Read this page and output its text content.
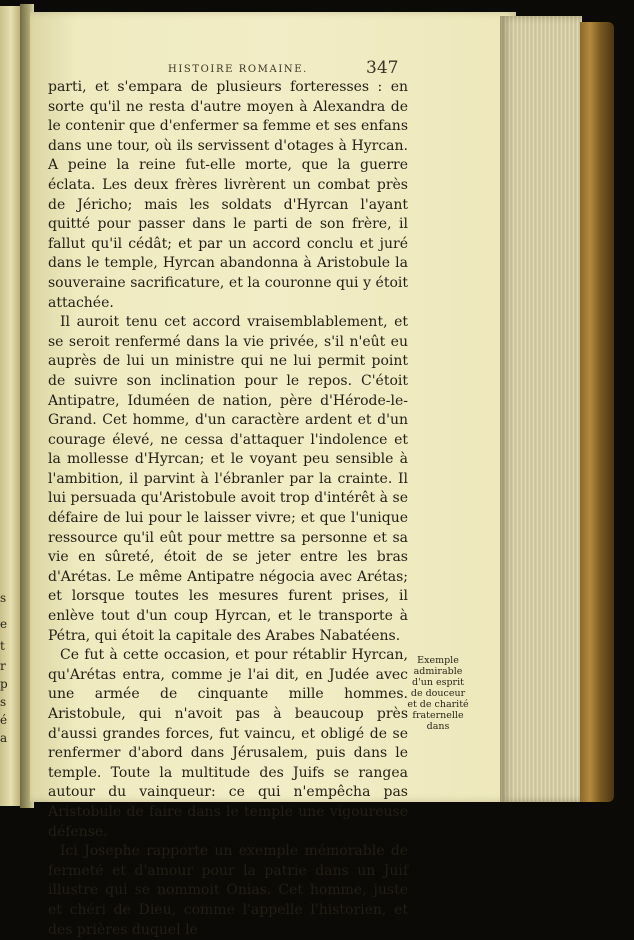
s
e
t
r
p
s
é
a
HISTOIRE ROMAINE.	347

parti, et s'empara de plusieurs forteresses : en sorte qu'il ne resta d'autre moyen à Alexandra de le contenir que d'enfermer sa femme et ses enfans dans une tour, où ils servissent d'otages à Hyrcan. A peine la reine fut-elle morte, que la guerre éclata. Les deux frères livrèrent un combat près de Jéricho; mais les soldats d'Hyrcan l'ayant quitté pour passer dans le parti de son frère, il fallut qu'il cédât; et par un accord conclu et juré dans le temple, Hyrcan abandonna à Aristobule la souveraine sacrificature, et la couronne qui y étoit attachée.

Il auroit tenu cet accord vraisemblablement, et se seroit renfermé dans la vie privée, s'il n'eût eu auprès de lui un ministre qui ne lui permit point de suivre son inclination pour le repos. C'étoit Antipatre, Iduméen de nation, père d'Hérode-le-Grand. Cet homme, d'un caractère ardent et d'un courage élevé, ne cessa d'attaquer l'indolence et la mollesse d'Hyrcan; et le voyant peu sensible à l'ambition, il parvint à l'ébranler par la crainte. Il lui persuada qu'Aristobule avoit trop d'intérêt à se défaire de lui pour le laisser vivre; et que l'unique ressource qu'il eût pour mettre sa personne et sa vie en sûreté, étoit de se jeter entre les bras d'Arétas. Le même Antipatre négocia avec Arétas; et lorsque toutes les mesures furent prises, il enlève tout d'un coup Hyrcan, et le transporte à Pétra, qui étoit la capitale des Arabes Nabatéens.

Ce fut à cette occasion, et pour rétablir Hyrcan, qu'Arétas entra, comme je l'ai dit, en Judée avec une armée de cinquante mille hommes. Aristobule, qui n'avoit pas à beaucoup près d'aussi grandes forces, fut vaincu, et obligé de se renfermer d'abord dans Jérusalem, puis dans le temple. Toute la multitude des Juifs se rangea autour du vainqueur: ce qui n'empêcha pas Aristobule de faire dans le temple une vigoureuse défense.

Ici Josephe rapporte un exemple mémorable de fermeté et d'amour pour la patrie dans un Juif illustre qui se nommoit Onias. Cet homme, juste et chéri de Dieu, comme l'appelle l'historien, et des prières duquel le

Exemple admirable d'un esprit de douceur et de charité fraternelle dans
